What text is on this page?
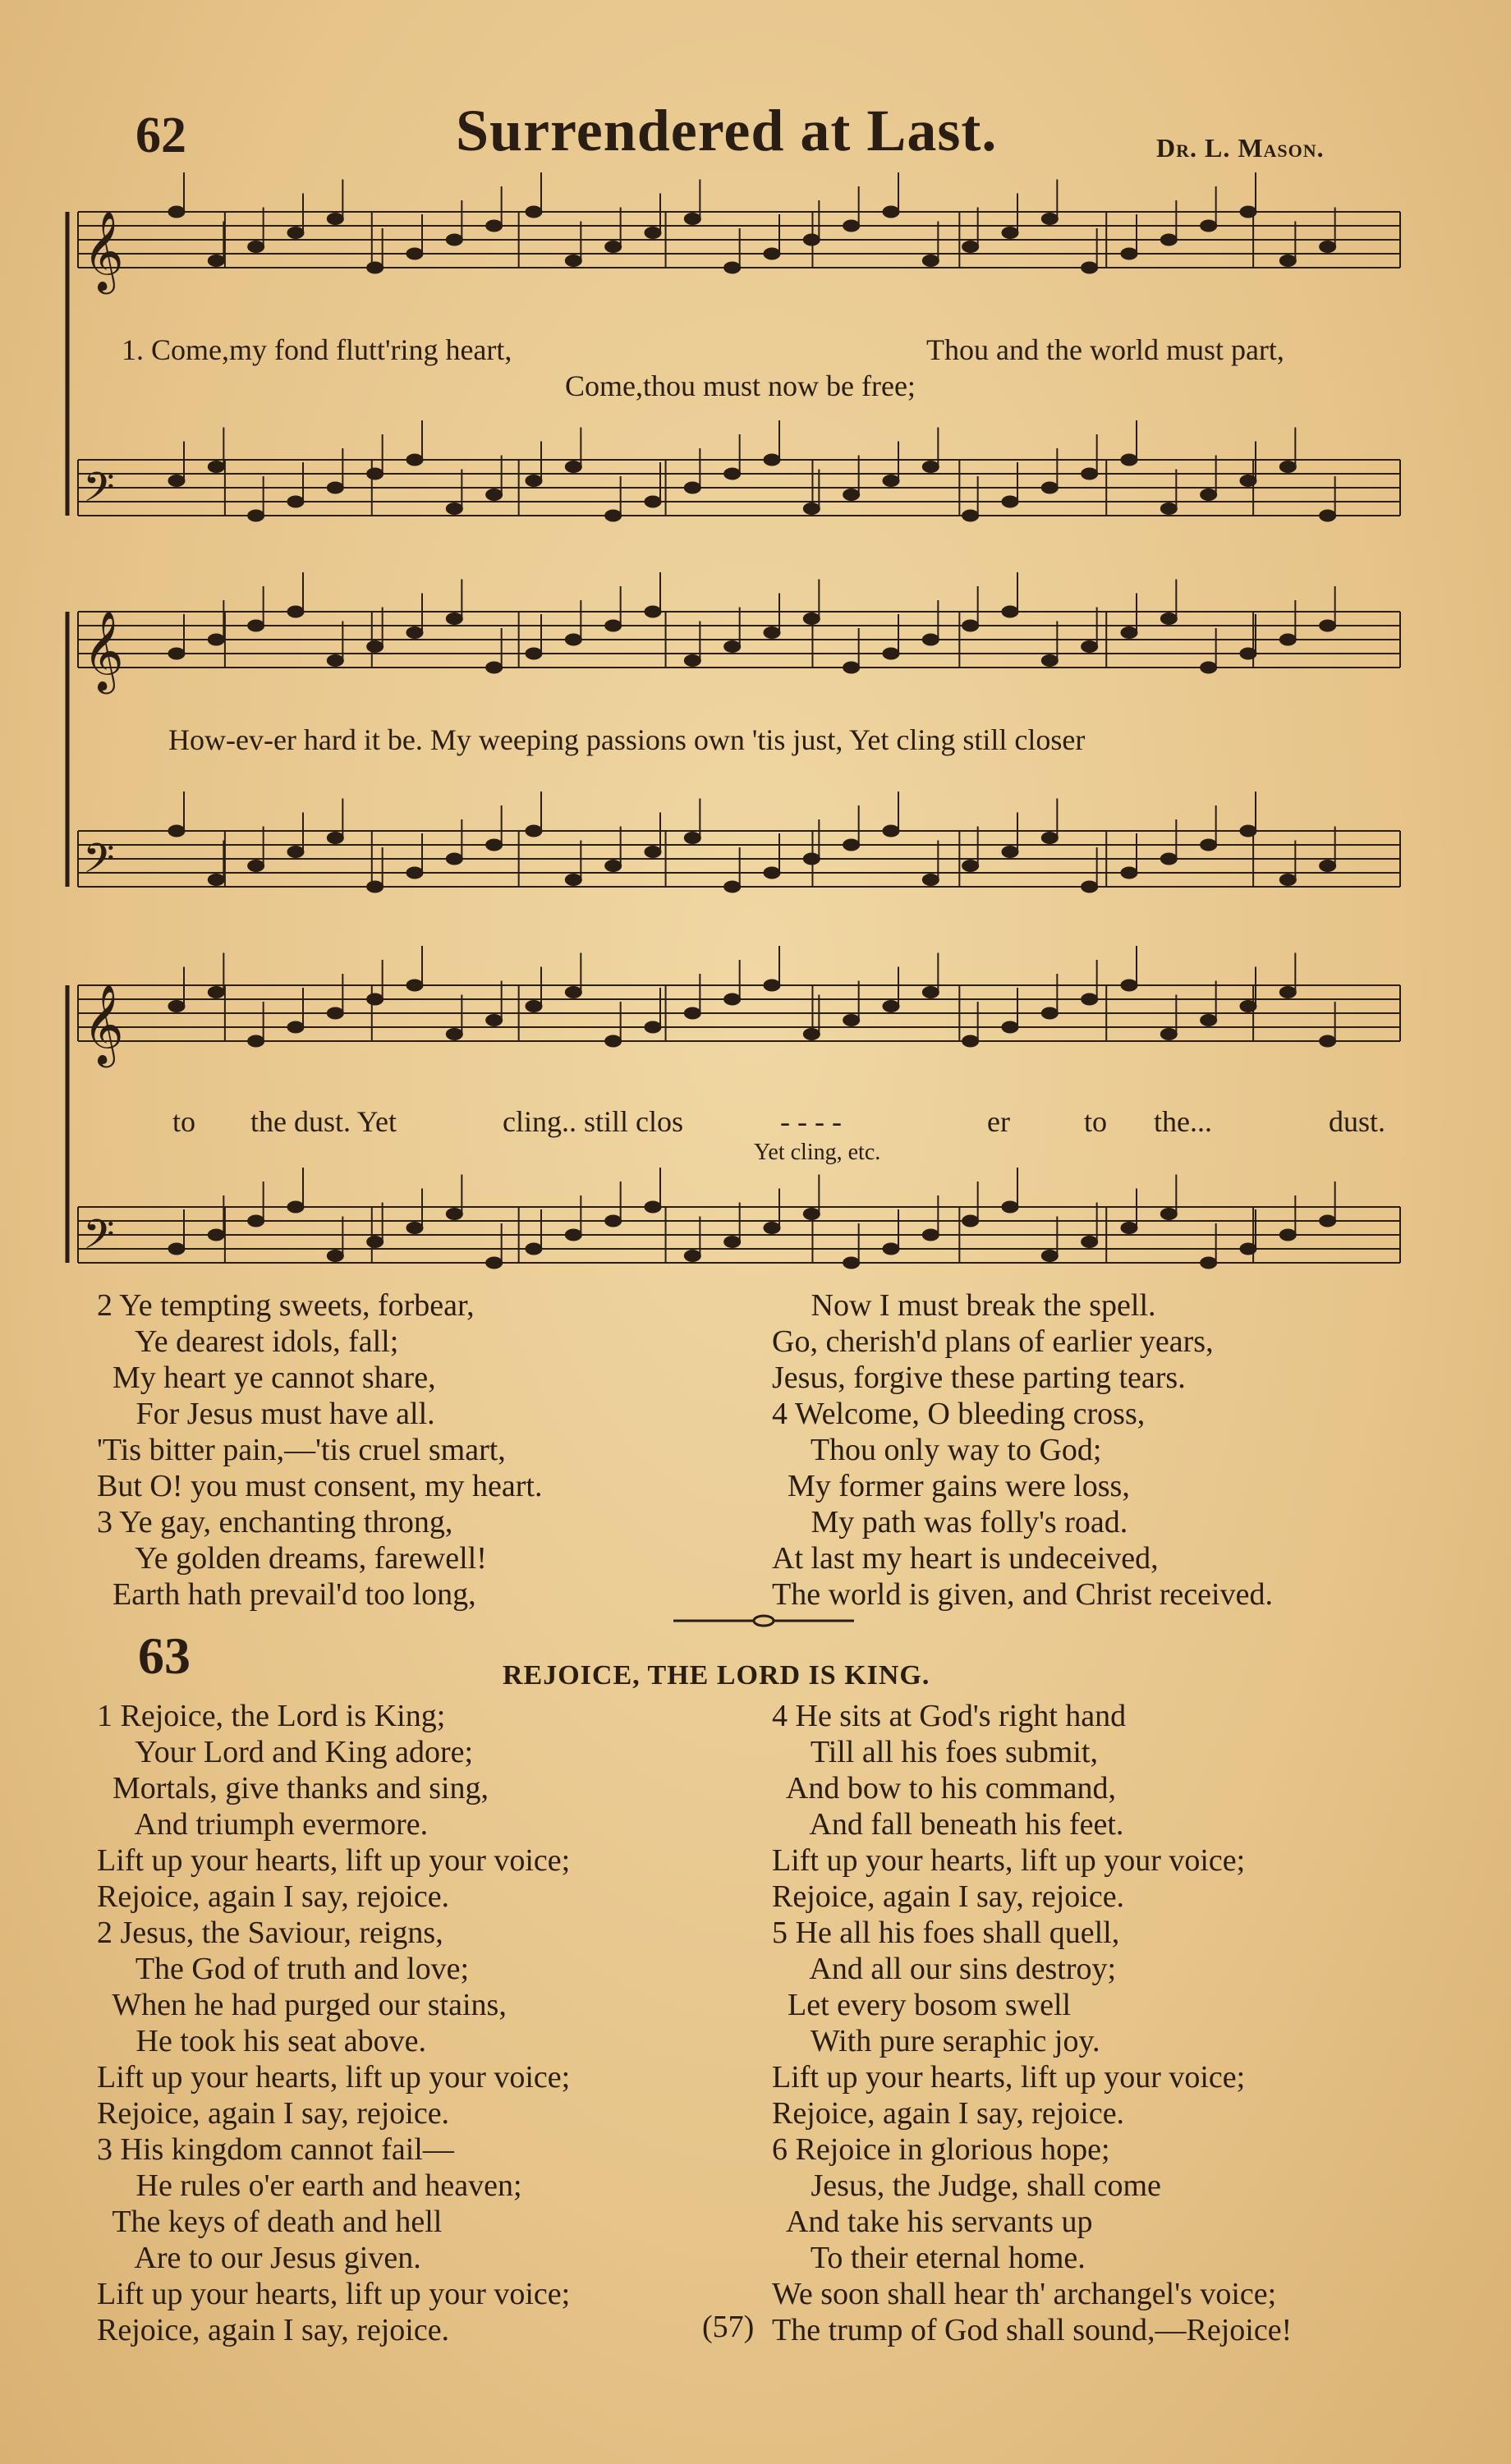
62	Surrendered at Last.	Dr. L. Mason.
𝄞
𝄢
𝄞
𝄢
𝄞
𝄢
1. Come,my fond flutt'ring heart,	Thou and the world must part,
Come,thou must now be free;
How-ev-er hard it be. My weeping passions own 'tis just, Yet cling still closer
to the dust. Yet	cling.. still clos	- - - -	er	to the...	dust.
Yet cling, etc.
2 Ye tempting sweets, forbear,
Ye dearest idols, fall;
My heart ye cannot share,
For Jesus must have all.
'Tis bitter pain,—'tis cruel smart,
But O! you must consent, my heart.
3 Ye gay, enchanting throng,
Ye golden dreams, farewell!
Earth hath prevail'd too long,
Now I must break the spell.
Go, cherish'd plans of earlier years,
Jesus, forgive these parting tears.
4 Welcome, O bleeding cross,
Thou only way to God;
My former gains were loss,
My path was folly's road.
At last my heart is undeceived,
The world is given, and Christ received.
63	REJOICE, THE LORD IS KING.
1 Rejoice, the Lord is King;
Your Lord and King adore;
Mortals, give thanks and sing,
And triumph evermore.
Lift up your hearts, lift up your voice;
Rejoice, again I say, rejoice.
2 Jesus, the Saviour, reigns,
The God of truth and love;
When he had purged our stains,
He took his seat above.
Lift up your hearts, lift up your voice;
Rejoice, again I say, rejoice.
3 His kingdom cannot fail—
He rules o'er earth and heaven;
The keys of death and hell
Are to our Jesus given.
Lift up your hearts, lift up your voice;
Rejoice, again I say, rejoice.
4 He sits at God's right hand
Till all his foes submit,
And bow to his command,
And fall beneath his feet.
Lift up your hearts, lift up your voice;
Rejoice, again I say, rejoice.
5 He all his foes shall quell,
And all our sins destroy;
Let every bosom swell
With pure seraphic joy.
Lift up your hearts, lift up your voice;
Rejoice, again I say, rejoice.
6 Rejoice in glorious hope;
Jesus, the Judge, shall come
And take his servants up
To their eternal home.
We soon shall hear th' archangel's voice;
The trump of God shall sound,—Rejoice!
(57)
